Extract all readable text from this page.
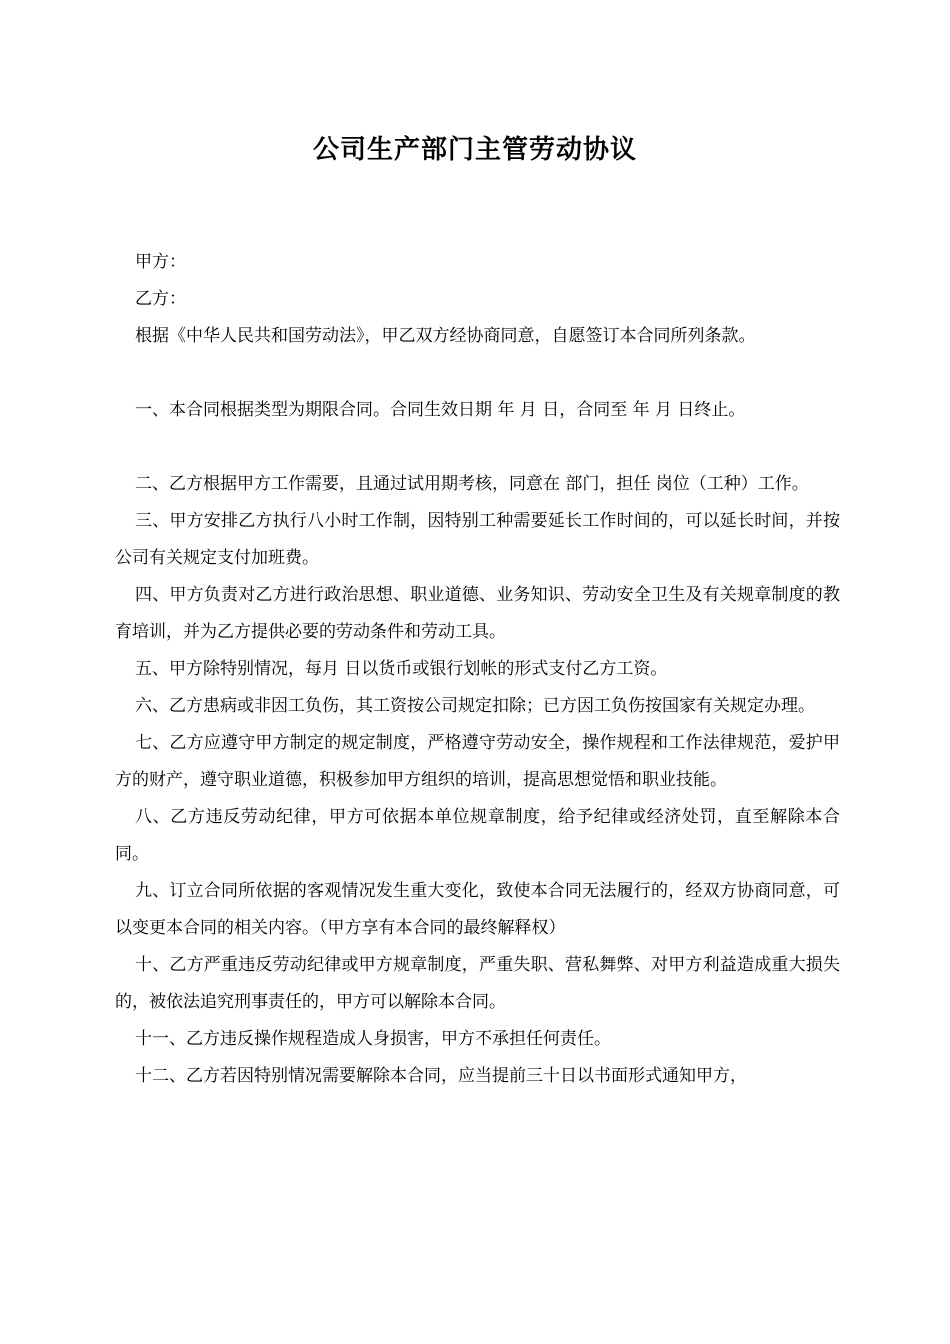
公司生产部门主管劳动协议

甲方：

乙方：

根据《中华人民共和国劳动法》，甲乙双方经协商同意，自愿签订本合同所列条款。

一、本合同根据类型为期限合同。合同生效日期 年 月 日，合同至 年 月 日终止。

二、乙方根据甲方工作需要，且通过试用期考核，同意在 部门，担任 岗位（工种）工作。

三、甲方安排乙方执行八小时工作制，因特别工种需要延长工作时间的，可以延长时间，并按公司有关规定支付加班费。

四、甲方负责对乙方进行政治思想、职业道德、业务知识、劳动安全卫生及有关规章制度的教育培训，并为乙方提供必要的劳动条件和劳动工具。

五、甲方除特别情况，每月 日以货币或银行划帐的形式支付乙方工资。

六、乙方患病或非因工负伤，其工资按公司规定扣除；已方因工负伤按国家有关规定办理。

七、乙方应遵守甲方制定的规定制度，严格遵守劳动安全，操作规程和工作法律规范，爱护甲方的财产，遵守职业道德，积极参加甲方组织的培训，提高思想觉悟和职业技能。

八、乙方违反劳动纪律，甲方可依据本单位规章制度，给予纪律或经济处罚，直至解除本合同。

九、订立合同所依据的客观情况发生重大变化，致使本合同无法履行的，经双方协商同意，可以变更本合同的相关内容。（甲方享有本合同的最终解释权）

十、乙方严重违反劳动纪律或甲方规章制度，严重失职、营私舞弊、对甲方利益造成重大损失的，被依法追究刑事责任的，甲方可以解除本合同。

十一、乙方违反操作规程造成人身损害，甲方不承担任何责任。

十二、乙方若因特别情况需要解除本合同，应当提前三十日以书面形式通知甲方，
